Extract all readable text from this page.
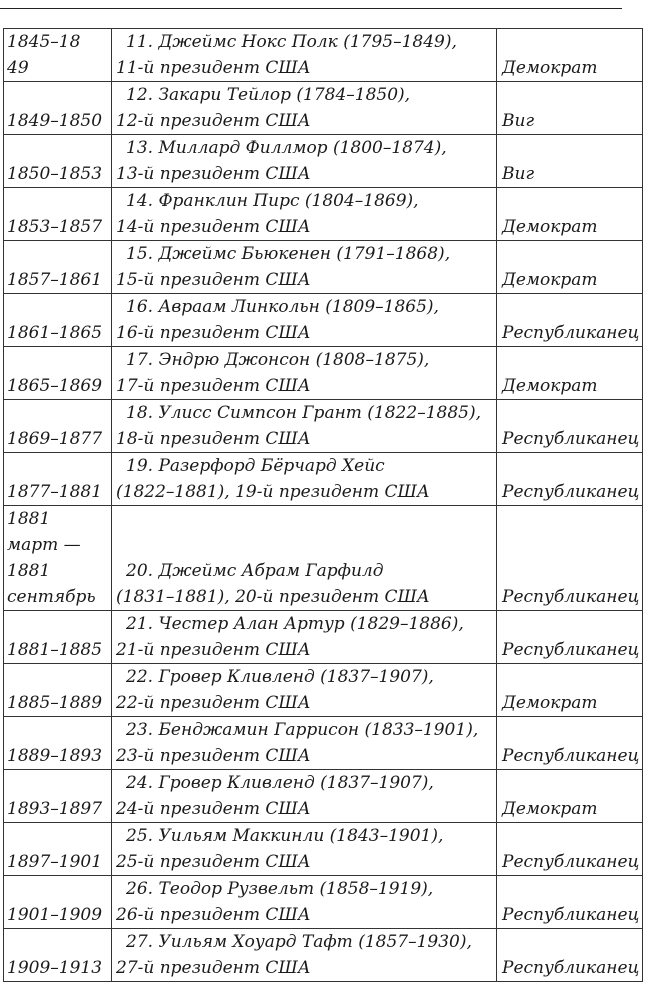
1845–18
49	11. Джеймс Нокс Полк (1795–1849),
11-й президент США	Демократ

1849–1850	12. Закари Тейлор (1784–1850),
12-й президент США	Виг

1850–1853	13. Миллард Филлмор (1800–1874),
13-й президент США	Виг

1853–1857	14. Франклин Пирс (1804–1869),
14-й президент США	Демократ

1857–1861	15. Джеймс Бьюкенен (1791–1868),
15-й президент США	Демократ

1861–1865	16. Авраам Линкольн (1809–1865),
16-й президент США	Республиканец

1865–1869	17. Эндрю Джонсон (1808–1875),
17-й президент США	Демократ

1869–1877	18. Улисс Симпсон Грант (1822–1885),
18-й президент США	Республиканец

1877–1881	19. Разерфорд Бёрчард Хейс
(1822–1881), 19-й президент США	Республиканец

1881
март —
1881
сентябрь	20. Джеймс Абрам Гарфилд
(1831–1881), 20-й президент США	Республиканец

1881–1885	21. Честер Алан Артур (1829–1886),
21-й президент США	Республиканец

1885–1889	22. Гровер Кливленд (1837–1907),
22-й президент США	Демократ

1889–1893	23. Бенджамин Гаррисон (1833–1901),
23-й президент США	Республиканец

1893–1897	24. Гровер Кливленд (1837–1907),
24-й президент США	Демократ

1897–1901	25. Уильям Маккинли (1843–1901),
25-й президент США	Республиканец

1901–1909	26. Теодор Рузвельт (1858–1919),
26-й президент США	Республиканец

1909–1913	27. Уильям Хоуард Тафт (1857–1930),
27-й президент США	Республиканец
